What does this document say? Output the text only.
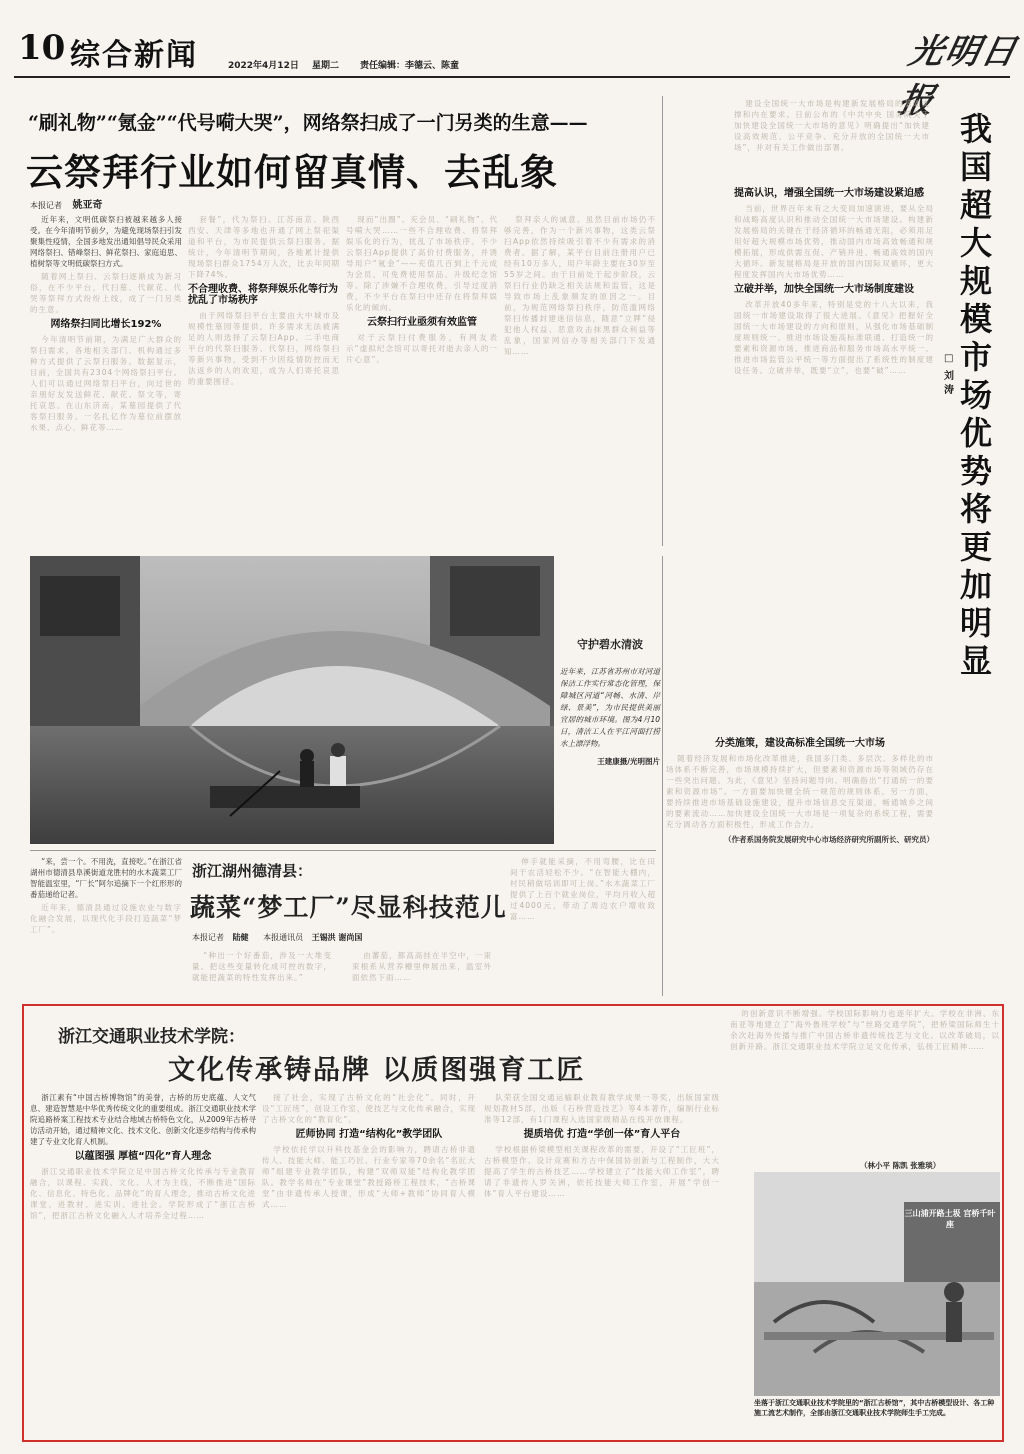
10 综合新闻	2022年4月12日 星期二 责任编辑：李德云、陈童	光明日报
“刷礼物”“氪金”“代号嗬大哭”，网络祭扫成了一门另类的生意——
云祭拜行业如何留真情、去乱象
本报记者 姚亚奇

近年来，文明低碳祭扫被越来越多人接受。在今年清明节前夕，为避免现场祭扫引发聚集性疫情，全国多地发出通知倡导民众采用网络祭扫、错峰祭扫、鲜花祭扫、家庭追思、植树祭等文明低碳祭扫方式。

随着网上祭扫、云祭扫逐渐成为新习俗，在不少平台，代扫墓、代献花、代哭等祭拜方式纷纷上线，成了一门另类的生意。

网络祭扫同比增长192%

今年清明节前期，为满足广大群众的祭扫需求，各地相关部门、机构通过多种方式提供了云祭扫服务。数据显示，目前，全国共有2304个网络祭扫平台。人们可以通过网络祭扫平台，向过世的亲朋好友发送鲜花、献花、祭文等，寄托哀思。在山东济南，某墓园提供了代客祭扫服务。一名扎亿作为墓位前摆放水果、点心、鲜花等……

套餐”，代为祭扫。江苏南京、陕西西安、天津等多地也开通了网上祭祀渠道和平台，为市民提供云祭扫服务。据统计，今年清明节期间，各地累计提供现场祭扫群众1754万人次，比去年同期下降74%。

不合理收费、将祭拜娱乐化等行为扰乱了市场秩序

由于网络祭扫平台主要由大中城市及规模性墓园等提供，许多需求无法被满足的人则选择了云祭扫App。二手电商平台的代祭扫服务、代祭扫，网络祭扫等新兴事物，受到不少因疫情防控而无法返乡的人的欢迎，成为人们寄托哀思的重要围径。

现而”出圈”。充会员、“刷礼物”、代号嗬大哭……一些不合理收费、将祭拜娱乐化的行为，扰乱了市场秩序。不少云祭扫App提供了高价付费服务，并诱导用户“氪金”——充值几百到上千元成为会员，可免费使用祭品、升级纪念馆等。除了涉嫌不合理收费，引导过度消费，不少平台在祭扫中还存在将祭拜娱乐化的倾向。

云祭扫行业亟须有效监管

对于云祭扫付费服务，有网友表示“虚拟纪念馆可以寄托对逝去亲人的一片心意”。

祭拜亲人的诚意。虽然目前市场仍不够完善，作为一个新兴事物，这类云祭扫App依然持续吸引着不少有需求的消费者。据了解，某平台目前注册用户已经有10万多人，用户年龄主要在30岁至55岁之间。由于目前处于起步阶段，云祭扫行业仍缺乏相关法规和监管，这是导致市场上乱象频发的原因之一。目前，为规范网络祭扫秩序，防范滥网络祭扫传播封建迷信信息，随意“立牌”侵犯他人权益、恶意攻击抹黑群众利益等乱象，国家网信办等相关部门下发通知……

守护碧水清波
近年来，江苏省苏州市对河道保洁工作实行常态化管理，保障城区河道“河畅、水清、岸绿、景美”，为市民提供美丽宜居的城市环境。图为4月10日，清洁工人在平江河面打捞水上漂浮物。
王建康摄/光明图片

建设全国统一大市场是构建新发展格局的基础支撑和内在要求。日前公布的《中共中央 国务院关于加快建设全国统一大市场的意见》明确提出“加快建设高效规范、公平竞争、充分开放的全国统一大市场”，并对有关工作做出部署。	我国超大规模市场优势将更加明显
□
刘涛
提高认识，增强全国统一大市场建设紧迫感

当前，世界百年未有之大变局加速演进，要从全局和战略高度认识和推动全国统一大市场建设。构建新发展格局的关键在于经济循环的畅通无阻，必须用足用好超大规模市场优势，推动国内市场高效畅通和规模拓展，形成供需互促、产销并进、畅通高效的国内大循环。新发展格局是开放的国内国际双循环，更大程度发挥国内大市场优势……

立破并举，加快全国统一大市场制度建设

改革开放40多年来，特别是党的十八大以来，我国统一市场建设取得了很大进展。《意见》把握好全国统一大市场建设的方向和原则，从强化市场基础制度规则统一、推进市场设施高标准联通、打造统一的要素和资源市场、推进商品和服务市场高水平统一、推进市场监管公平统一等方面提出了系统性的制度建设任务。立破并举，既要“立”，也要“破”……

分类施策，建设高标准全国统一大市场

随着经济发展和市场化改革推进，我国多门类、多层次、多样化的市场体系不断完善，市场规模持续扩大，但要素和资源市场等领域仍存在一些突出问题。为此，《意见》坚持问题导向、明确指出“打通统一的要素和资源市场”。一方面要加快健全统一规范的规则体系，另一方面，要持续推进市场基础设施建设，提升市场信息交互渠道，畅通城乡之间的要素流动……加快建设全国统一大市场是一项复杂的系统工程，需要充分调动各方面积极性，形成工作合力。

（作者系国务院发展研究中心市场经济研究所副所长、研究员）

“来，尝一个。不用洗，直接吃。”在浙江省湖州市德清县阜溪街道龙胜村的水木蔬菜工厂智能温室里，“厂长”阿尔追摘下一个红形形的番茄递给记者。

近年来，德清县通过设施农业与数字化融合发展，以现代化手段打造蔬菜“梦工厂”。

浙江湖州德清县：
蔬菜“梦工厂”尽显科技范儿
本报记者 陆健 本报通讯员 王锡洪 谢尚国

“种出一个好番茄，涉及一大堆变量。把这些变量转化成可控的数字，就能把蔬菜的特性发挥出来。”

由蕃茄，都高高挂在半空中，一束束根系从营养槽里伸展出来，温室外面依然下雨……

伸手就能采摘，不用弯腰，比在田间干农活轻松不少。“在智能大棚内，村民稍做培训即可上岗。”水木蔬菜工厂提供了上百个就业岗位，平均月收入超过4000元，带动了周边农户增收致富……

浙江交通职业技术学院：
文化传承铸品牌 以质图强育工匠

浙江素有“中国古桥博物馆”的美誉，古桥的历史底蕴、人文气息、建造智慧是中华优秀传统文化的重要组成。浙江交通职业技术学院追路桥案工程技术专业结合地域古桥特色文化，从2009年古桥寻访活动开始，通过精神文化、技术文化、创新文化逐步结构与传承构建了专业文化育人机制。

以蕴图强 厚植“四化”育人理念

浙江交通职业技术学院立足中国古桥文化传承与专业教育融合，以课程、实践、文化、人才为主线，不断推进“国际化、信息化、特色化、品牌化”的育人理念，推动古桥文化进课堂、进教材、进实训、进社会。学院形成了“浙江古桥馆”，把浙江古桥文化融入人才培养全过程……

接了社会，实现了古桥文化的“社会化”。同时，开设“工匠班”，创设工作室，使技艺与文化传承融合，实现了古桥文化的“教育化”。

匠师协同 打造“结构化”教学团队

学校依托学以升科技基金会的影响力，聘请古桥非遗传人、技能大师、能工巧匠、行业专家等70余名“名匠大师”组建专业教学团队，构建“双师双能”结构化教学团队。教学名师在“专业课堂”教授路桥工程技术，“古桥课堂”由非遗传承人授课，形成“大师+教师”协同育人模式……

队荣获全国交通运输职业教育教学成果一等奖，出版国家级规划教材5部，出版《石桥营造技艺》等4本著作，编制行业标准等12部，有1门课程入选国家级精品在线开放课程。

提质培优 打造“学创一体”育人平台

学校根据桥梁模型相关课程改革的需要，开设了“工匠班”，古桥模型作、设计竞赛和方古中保国协创新与工程制作，大大提高了学生的古桥技艺……学校建立了“技能大师工作室”，聘请了非遗传人罗关洲，依托技能大师工作室，开展“学创一体”育人平台建设……

的创新意识不断增强。学校国际影响力也逐年扩大。学校在非洲、东南亚等地建立了“海外鲁班学校”与“丝路交通学院”，把桥梁国际师生十余次赴海外传播与推广中国古桥非遗传统技艺与文化。以改革破局，以创新开路。浙江交通职业技术学院立足文化传承，弘扬工匠精神……

三山浦开路土圾 宫桥千叶座
坐落于浙江交通职业技术学院里的“浙江古桥馆”，其中古桥模型设计、各工种施工流艺术制作，全部由浙江交通职业技术学院师生手工完成。
（林小平 陈凯 张雅琰）
